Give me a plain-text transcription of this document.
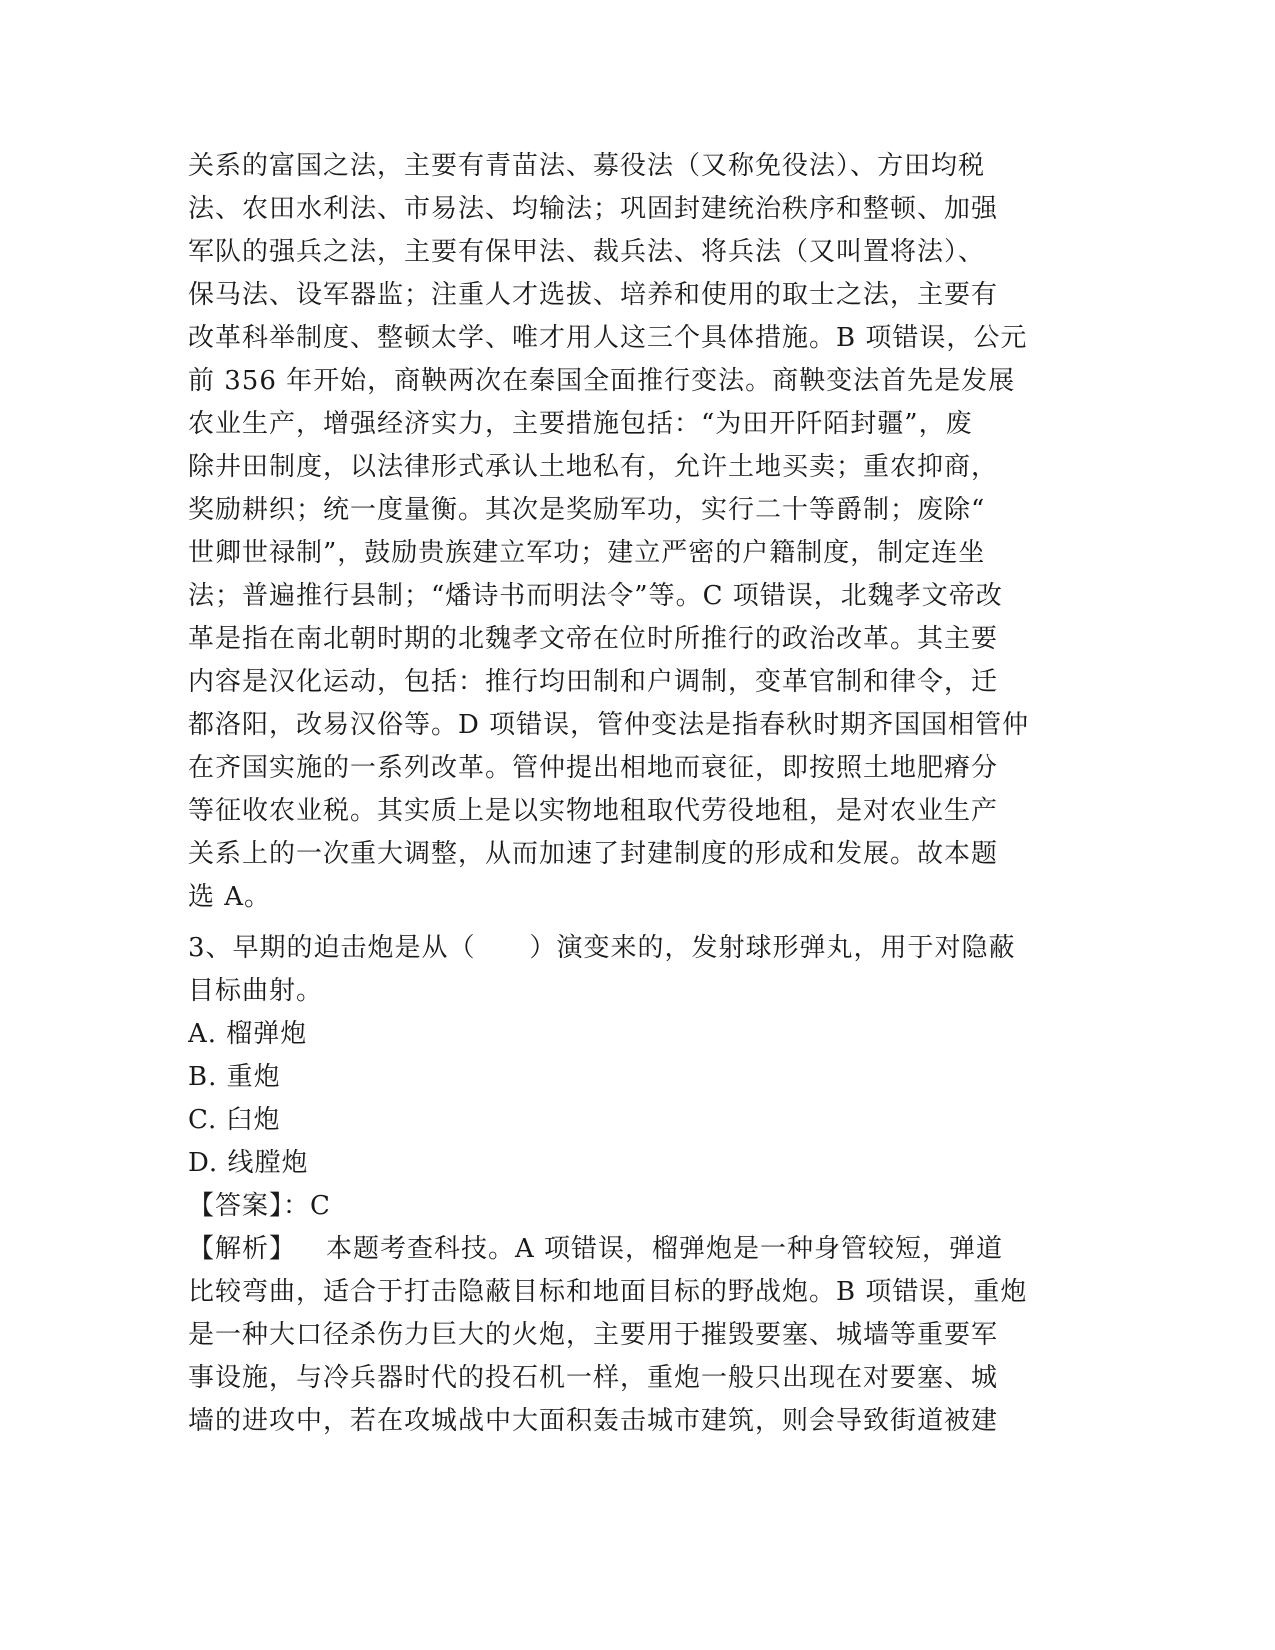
关系的富国之法，主要有青苗法、募役法（又称免役法）、方田均税
法、农田水利法、市易法、均输法；巩固封建统治秩序和整顿、加强
军队的强兵之法，主要有保甲法、裁兵法、将兵法（又叫置将法）、
保马法、设军器监；注重人才选拔、培养和使用的取士之法，主要有
改革科举制度、整顿太学、唯才用人这三个具体措施。B 项错误，公元
前 356 年开始，商鞅两次在秦国全面推行变法。商鞅变法首先是发展
农业生产，增强经济实力，主要措施包括：“为田开阡陌封疆”，废
除井田制度，以法律形式承认土地私有，允许土地买卖；重农抑商，
奖励耕织；统一度量衡。其次是奖励军功，实行二十等爵制；废除“
世卿世禄制”，鼓励贵族建立军功；建立严密的户籍制度，制定连坐
法；普遍推行县制；“燔诗书而明法令”等。C 项错误，北魏孝文帝改
革是指在南北朝时期的北魏孝文帝在位时所推行的政治改革。其主要
内容是汉化运动，包括：推行均田制和户调制，变革官制和律令，迁
都洛阳，改易汉俗等。D 项错误，管仲变法是指春秋时期齐国国相管仲
在齐国实施的一系列改革。管仲提出相地而衰征，即按照土地肥瘠分
等征收农业税。其实质上是以实物地租取代劳役地租，是对农业生产
关系上的一次重大调整，从而加速了封建制度的形成和发展。故本题
选 A。
3、早期的迫击炮是从（　　）演变来的，发射球形弹丸，用于对隐蔽
目标曲射。
A. 榴弹炮
B. 重炮
C. 臼炮
D. 线膛炮
【答案】：C
【解析】 本题考查科技。A 项错误，榴弹炮是一种身管较短，弹道
比较弯曲，适合于打击隐蔽目标和地面目标的野战炮。B 项错误，重炮
是一种大口径杀伤力巨大的火炮，主要用于摧毁要塞、城墙等重要军
事设施，与冷兵器时代的投石机一样，重炮一般只出现在对要塞、城
墙的进攻中，若在攻城战中大面积轰击城市建筑，则会导致街道被建
